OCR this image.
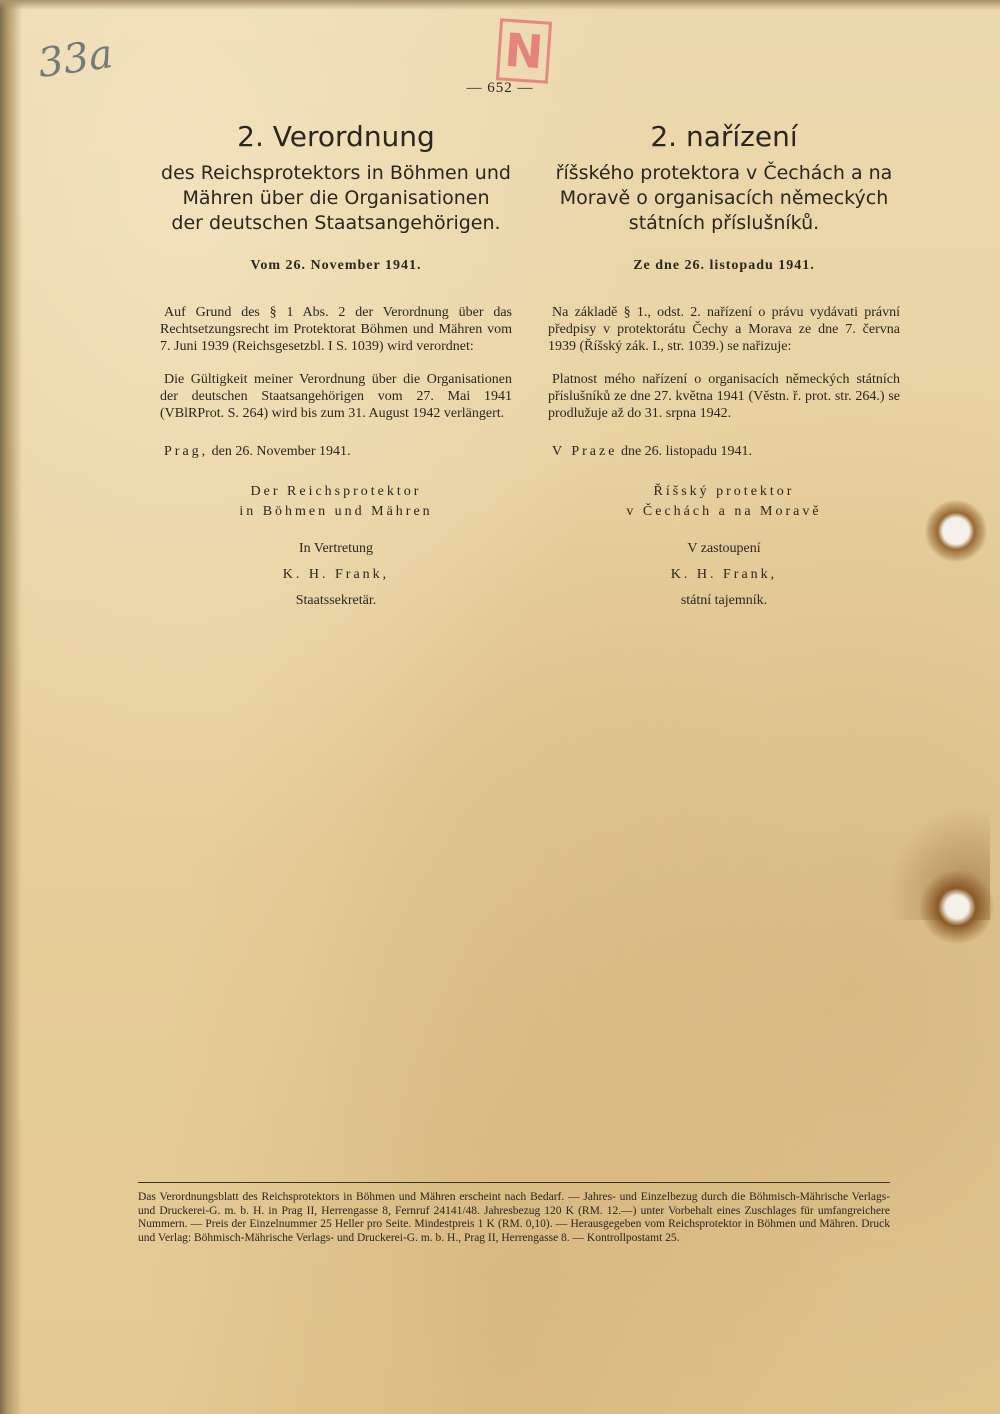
33a	N
— 652 —
2. Verordnung
des Reichsprotektors in Böhmen und
Mähren über die Organisationen
der deutschen Staatsangehörigen.
Vom 26. November 1941.

Auf Grund des § 1 Abs. 2 der Verordnung über das Rechtsetzungsrecht im Protektorat Böhmen und Mähren vom 7. Juni 1939 (Reichsgesetzbl. I S. 1039) wird verordnet:

Die Gültigkeit meiner Verordnung über die Organisationen der deutschen Staatsangehörigen vom 27. Mai 1941 (VBlRProt. S. 264) wird bis zum 31. August 1942 verlängert.

Prag, den 26. November 1941.
Der Reichsprotektor
in Böhmen und Mähren
In Vertretung
K. H. Frank,
Staatssekretär.
2. nařízení
říšského protektora v Čechách a na
Moravě o organisacích německých
státních příslušníků.
Ze dne 26. listopadu 1941.

Na základě § 1., odst. 2. nařízení o právu vydávati právní předpisy v protektorátu Čechy a Morava ze dne 7. června 1939 (Říšský zák. I., str. 1039.) se nařizuje:

Platnost mého nařízení o organisacích německých státních příslušníků ze dne 27. května 1941 (Věstn. ř. prot. str. 264.) se prodlužuje až do 31. srpna 1942.

V Praze dne 26. listopadu 1941.
Říšský protektor
v Čechách a na Moravě
V zastoupení
K. H. Frank,
státní tajemník.

Das Verordnungsblatt des Reichsprotektors in Böhmen und Mähren erscheint nach Bedarf. — Jahres- und Einzelbezug durch die Böhmisch-Mährische Verlags- und Druckerei-G. m. b. H. in Prag II, Herrengasse 8, Fernruf 24141/48. Jahresbezug 120 K (RM. 12.—) unter Vorbehalt eines Zuschlages für umfangreichere Nummern. — Preis der Einzelnummer 25 Heller pro Seite. Mindestpreis 1 K (RM. 0,10). — Herausgegeben vom Reichsprotektor in Böhmen und Mähren. Druck und Verlag: Böhmisch-Mährische Verlags- und Druckerei-G. m. b. H., Prag II, Herrengasse 8. — Kontrollpostamt 25.
